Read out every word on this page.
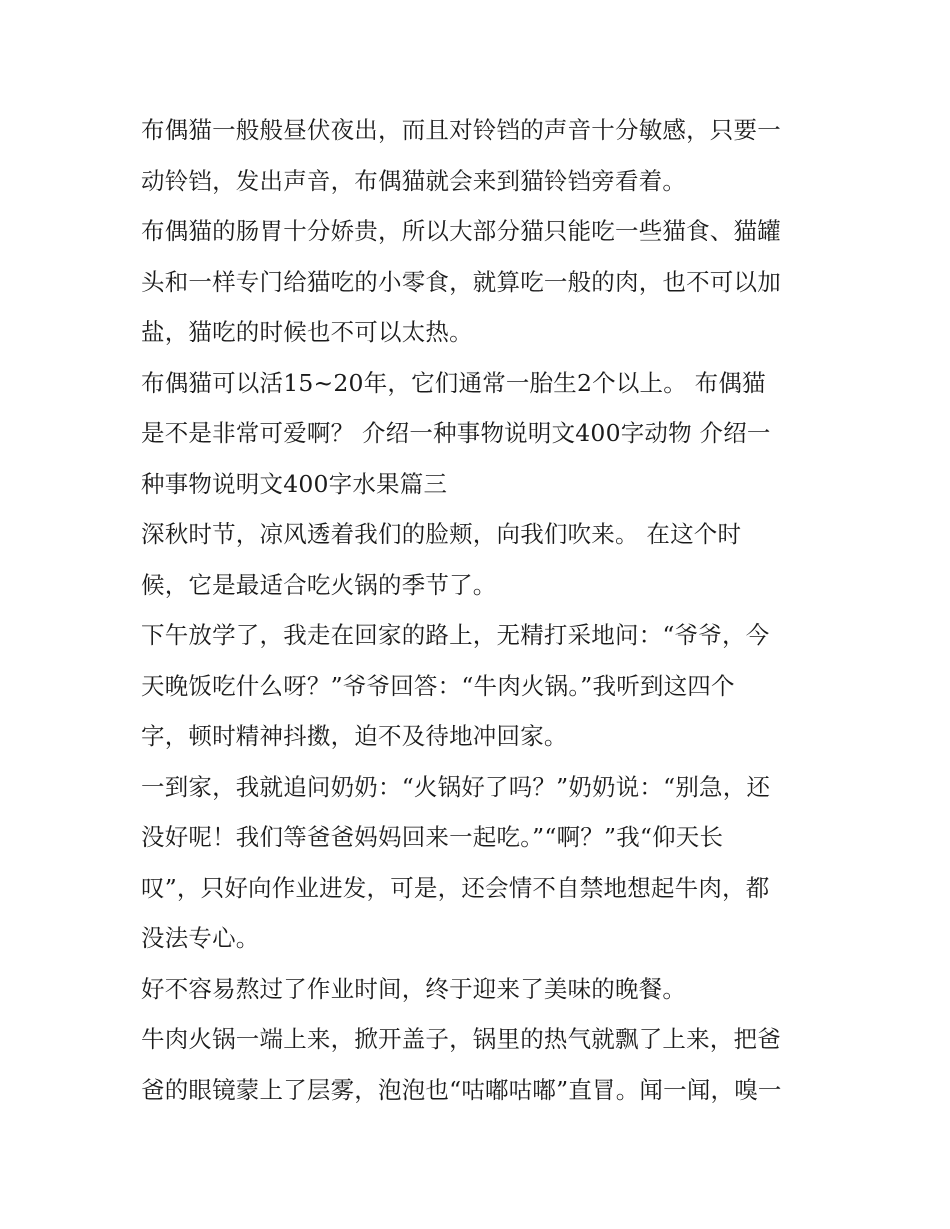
布偶猫一般般昼伏夜出，而且对铃铛的声音十分敏感，只要一
动铃铛，发出声音，布偶猫就会来到猫铃铛旁看着。
布偶猫的肠胃十分娇贵，所以大部分猫只能吃一些猫食、猫罐
头和一样专门给猫吃的小零食，就算吃一般的肉，也不可以加
盐，猫吃的时候也不可以太热。
布偶猫可以活15~20年，它们通常一胎生2个以上。 布偶猫
是不是非常可爱啊？ 介绍一种事物说明文400字动物 介绍一
种事物说明文400字水果篇三
深秋时节，凉风透着我们的脸颊，向我们吹来。 在这个时
候，它是最适合吃火锅的季节了。
下午放学了，我走在回家的路上，无精打采地问：“爷爷，今
天晚饭吃什么呀？”爷爷回答：“牛肉火锅。”我听到这四个
字，顿时精神抖擞，迫不及待地冲回家。
一到家，我就追问奶奶：“火锅好了吗？”奶奶说：“别急，还
没好呢！我们等爸爸妈妈回来一起吃。”“啊？”我“仰天长
叹”，只好向作业进发，可是，还会情不自禁地想起牛肉，都
没法专心。
好不容易熬过了作业时间，终于迎来了美味的晚餐。
牛肉火锅一端上来，掀开盖子，锅里的热气就飘了上来，把爸
爸的眼镜蒙上了层雾，泡泡也“咕嘟咕嘟”直冒。闻一闻，嗅一
